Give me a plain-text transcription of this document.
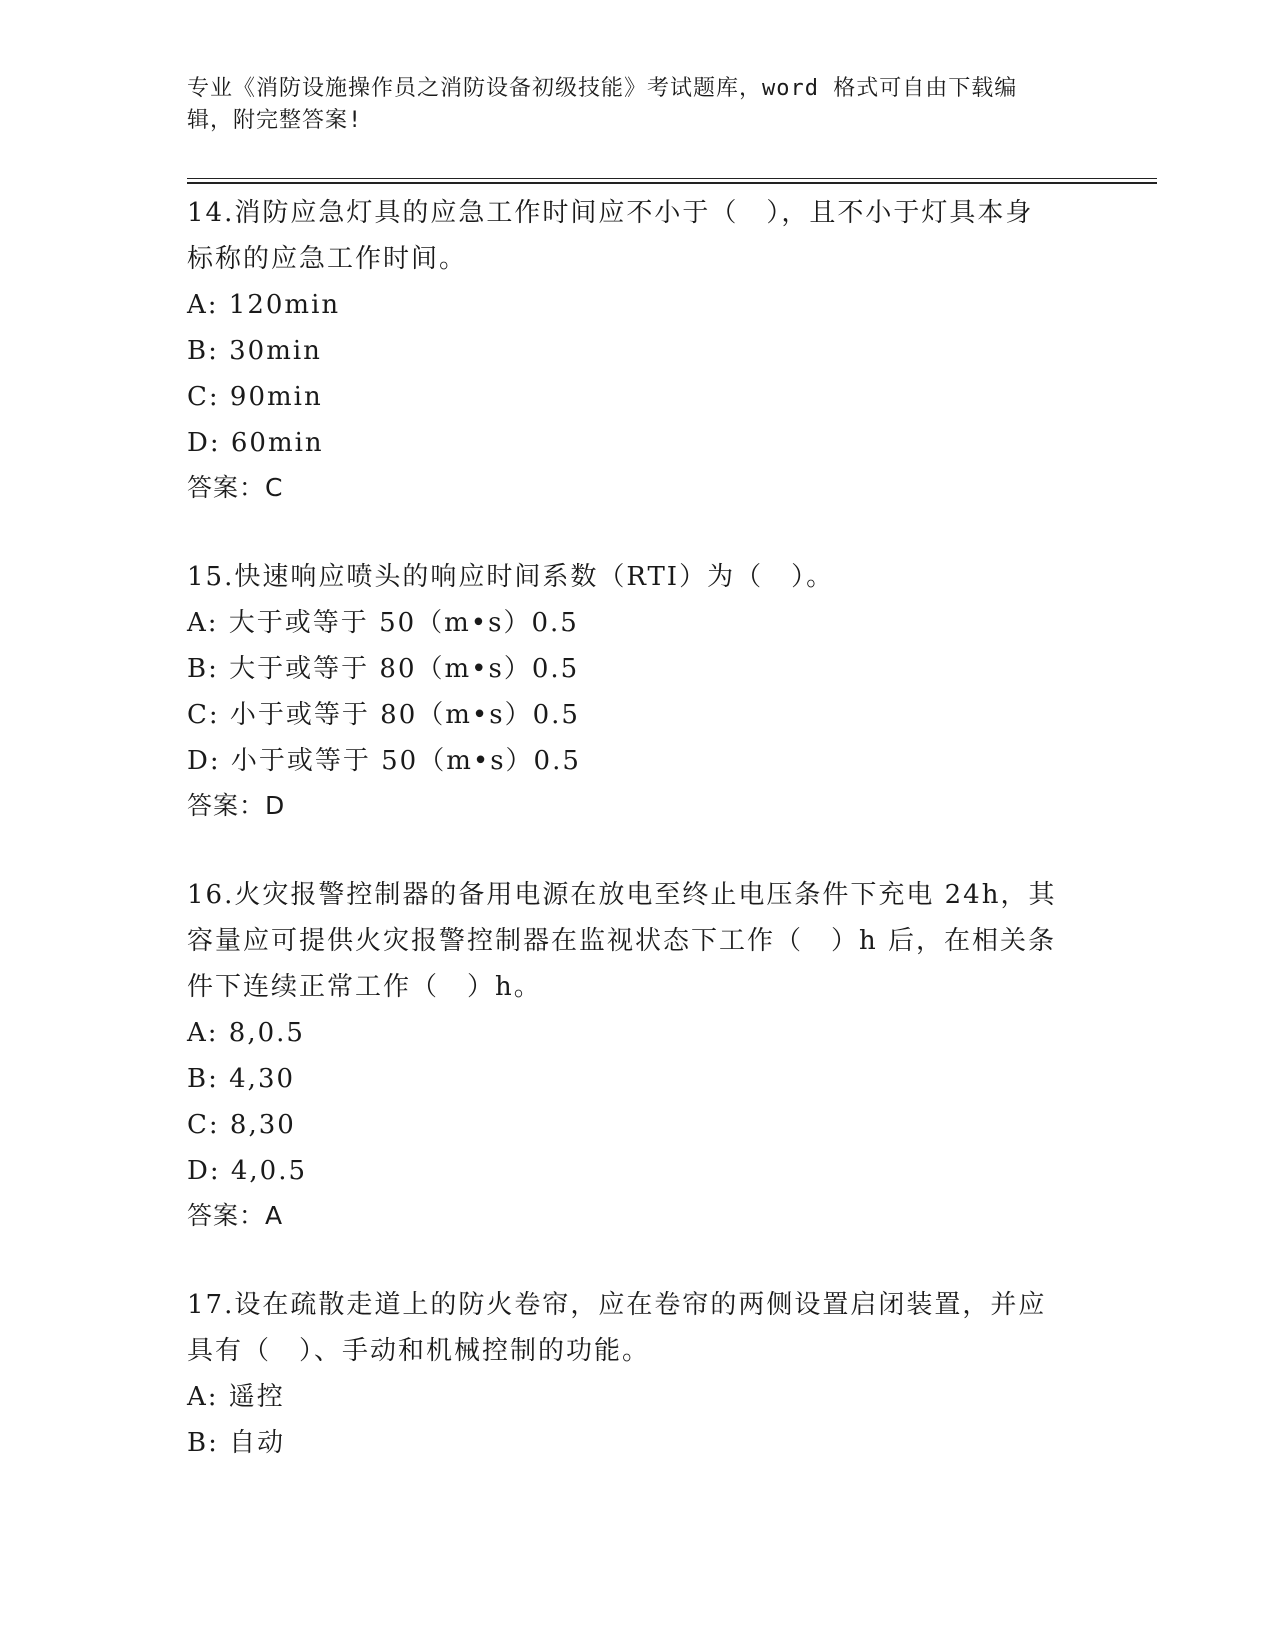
专业《消防设施操作员之消防设备初级技能》考试题库，word 格式可自由下载编
辑，附完整答案!
14.消防应急灯具的应急工作时间应不小于（　），且不小于灯具本身
标称的应急工作时间。
A: 120min
B: 30min
C: 90min
D: 60min
答案：C
15.快速响应喷头的响应时间系数（RTI）为（　）。
A: 大于或等于 50（m•s）0.5
B: 大于或等于 80（m•s）0.5
C: 小于或等于 80（m•s）0.5
D: 小于或等于 50（m•s）0.5
答案：D
16.火灾报警控制器的备用电源在放电至终止电压条件下充电 24h，其
容量应可提供火灾报警控制器在监视状态下工作（　）h 后，在相关条
件下连续正常工作（　）h。
A: 8,0.5
B: 4,30
C: 8,30
D: 4,0.5
答案：A
17.设在疏散走道上的防火卷帘，应在卷帘的两侧设置启闭装置，并应
具有（　）、手动和机械控制的功能。
A: 遥控
B: 自动
